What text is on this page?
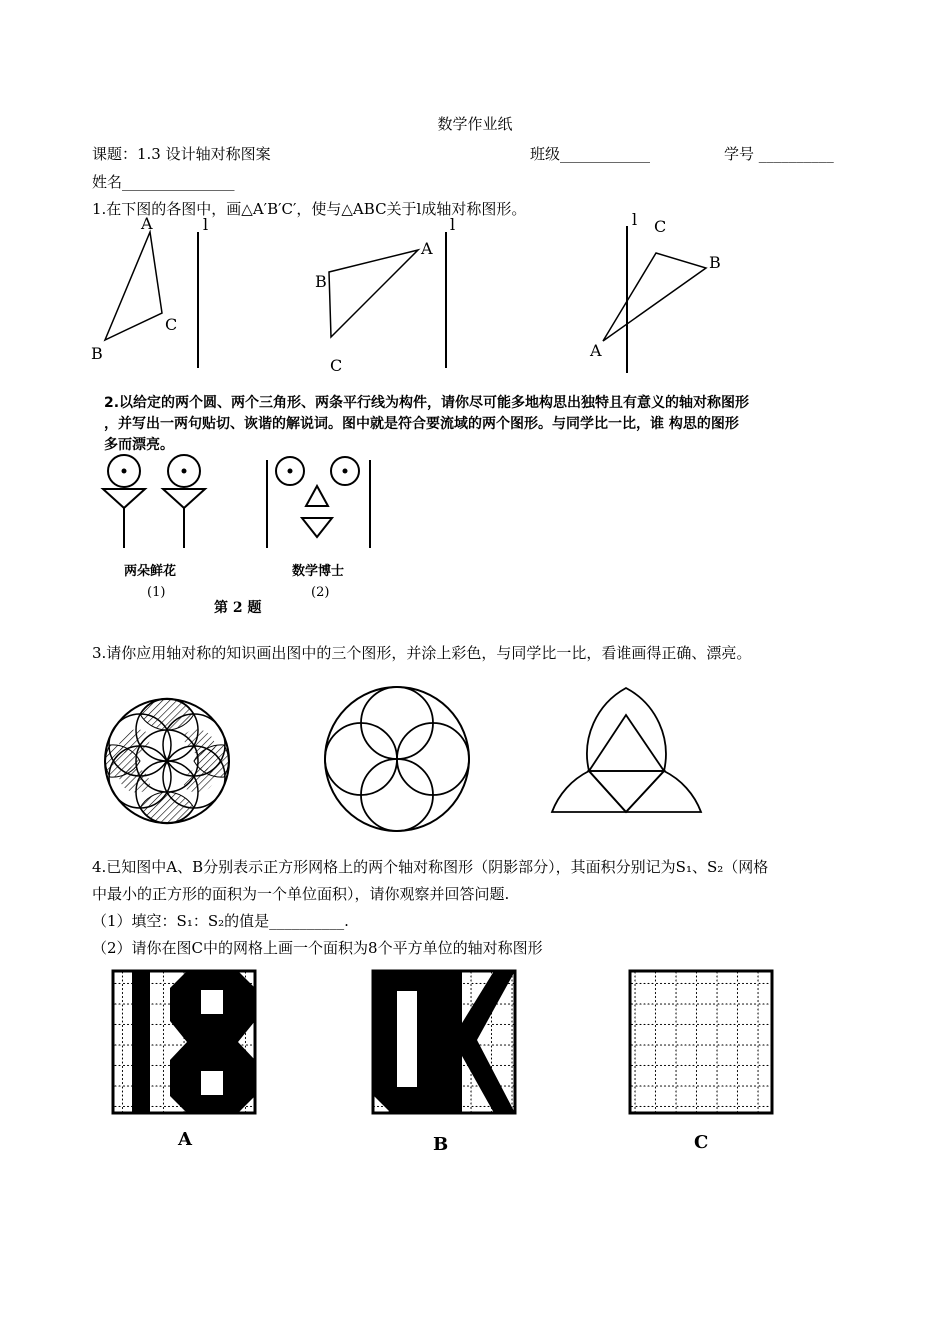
数学作业纸
课题：1.3 设计轴对称图案	班级____________	学号 __________
姓名_______________
1.在下图的各图中，画△A′B′C′，使与△ABC关于l成轴对称图形。
A
B
C
l
A
B
C
l
A
B
C
l
2.以给定的两个圆、两个三角形、两条平行线为构件，请你尽可能多地构思出独特且有意义的轴对称图形
，并写出一两句贴切、诙谐的解说词。图中就是符合要流域的两个图形。与同学比一比，谁 构思的图形
多而漂亮。
两朵鲜花
(1)
数学博士
(2)
第 2 题
3.请你应用轴对称的知识画出图中的三个图形，并涂上彩色，与同学比一比，看谁画得正确、漂亮。
4.已知图中A、B分别表示正方形网格上的两个轴对称图形（阴影部分），其面积分别记为S₁、S₂（网格
中最小的正方形的面积为一个单位面积），请你观察并回答问题.
（1）填空：S₁：S₂的值是__________.
（2）请你在图C中的网格上画一个面积为8个平方单位的轴对称图形
A	B	C
